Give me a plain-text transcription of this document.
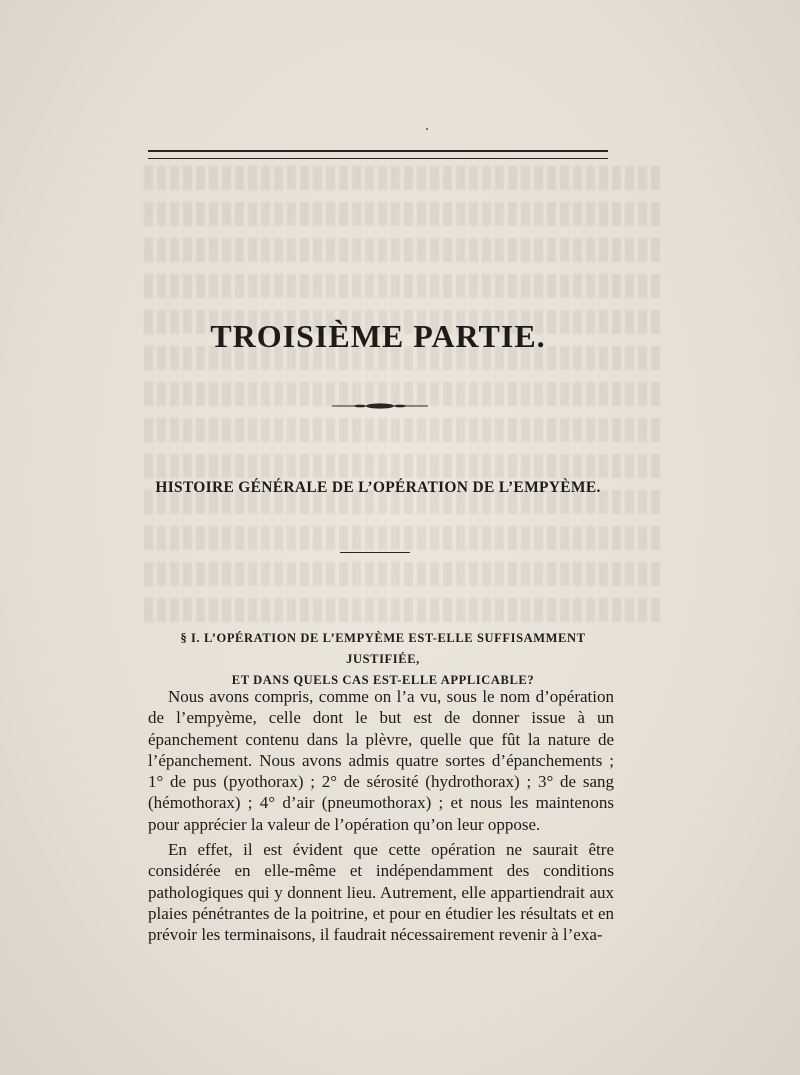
TROISIÈME PARTIE.
HISTOIRE GÉNÉRALE DE L’OPÉRATION DE L’EMPYÈME.
§ I. L’OPÉRATION DE L’EMPYÈME EST-ELLE SUFFISAMMENT JUSTIFIÉE,
ET DANS QUELS CAS EST-ELLE APPLICABLE?

Nous avons compris, comme on l’a vu, sous le nom d’opération de l’empyème, celle dont le but est de donner issue à un épanchement contenu dans la plèvre, quelle que fût la nature de l’épanchement. Nous avons admis quatre sortes d’épanchements ; 1° de pus (pyothorax) ; 2° de sérosité (hydrothorax) ; 3° de sang (hémothorax) ; 4° d’air (pneumothorax) ; et nous les maintenons pour apprécier la valeur de l’opération qu’on leur oppose.

En effet, il est évident que cette opération ne saurait être considérée en elle-même et indépendamment des conditions pathologiques qui y donnent lieu. Autrement, elle appartiendrait aux plaies pénétrantes de la poitrine, et pour en étudier les résultats et en prévoir les terminaisons, il faudrait nécessairement revenir à l’exa-
